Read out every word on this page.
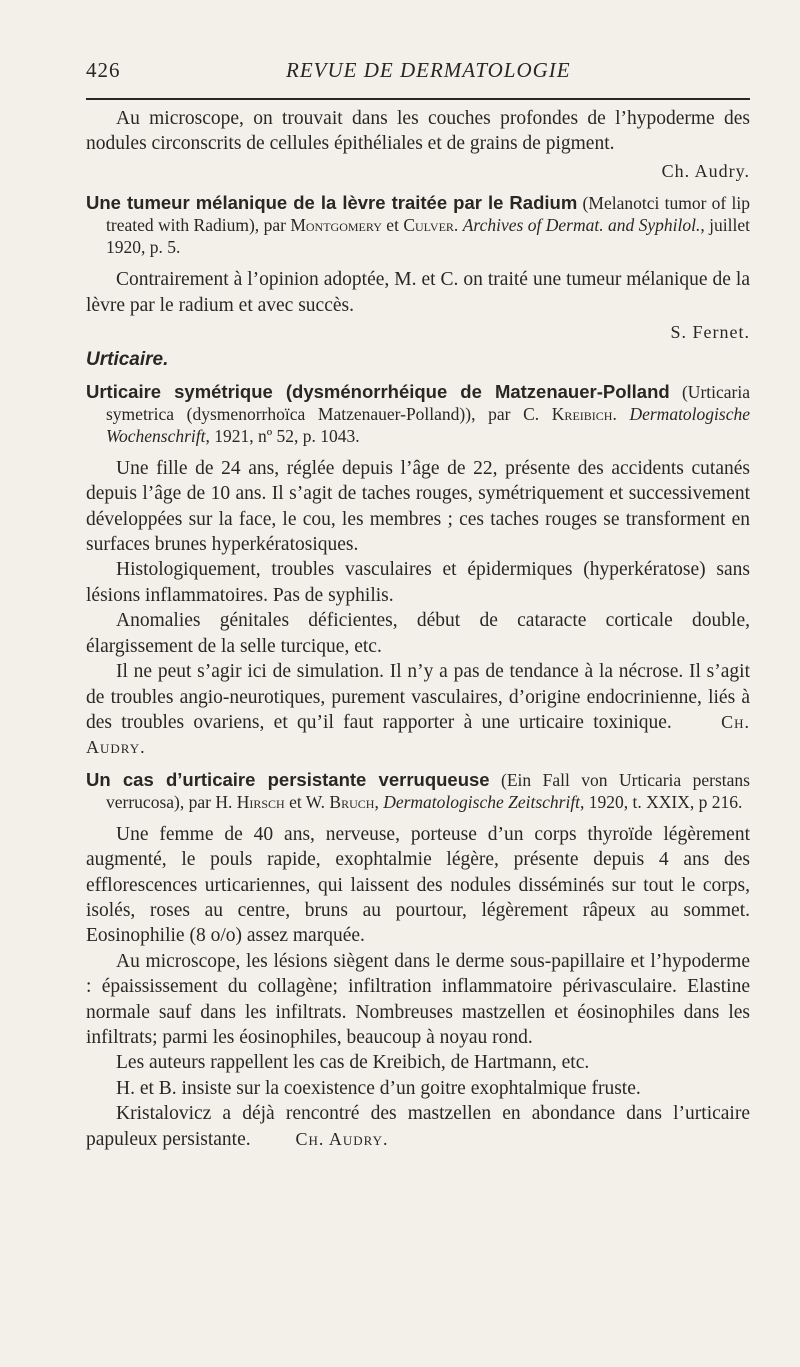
426	REVUE DE DERMATOLOGIE

Au microscope, on trouvait dans les couches profondes de l’hypoderme des nodules circonscrits de cellules épithéliales et de grains de pigment.

Ch. Audry.
Une tumeur mélanique de la lèvre traitée par le Radium (Melanotci tumor of lip treated with Radium), par Montgomery et Culver. Archives of Dermat. and Syphilol., juillet 1920, p. 5.

Contrairement à l’opinion adoptée, M. et C. on traité une tumeur mélanique de la lèvre par le radium et avec succès.

S. Fernet.
Urticaire.
Urticaire symétrique (dysménorrhéique de Matzenauer-Polland (Urticaria symetrica (dysmenorrhoïca Matzenauer-Polland)), par C. Kreibich. Dermatologische Wochenschrift, 1921, nº 52, p. 1043.

Une fille de 24 ans, réglée depuis l’âge de 22, présente des accidents cutanés depuis l’âge de 10 ans. Il s’agit de taches rouges, symétriquement et successivement développées sur la face, le cou, les membres ; ces taches rouges se transforment en surfaces brunes hyperkératosiques.

Histologiquement, troubles vasculaires et épidermiques (hyperkératose) sans lésions inflammatoires. Pas de syphilis.

Anomalies génitales déficientes, début de cataracte corticale double, élargissement de la selle turcique, etc.

Il ne peut s’agir ici de simulation. Il n’y a pas de tendance à la nécrose. Il s’agit de troubles angio-neurotiques, purement vasculaires, d’origine endocrinienne, liés à des troubles ovariens, et qu’il faut rapporter à une urticaire toxinique.	Ch. Audry.

Un cas d’urticaire persistante verruqueuse (Ein Fall von Urticaria perstans verrucosa), par H. Hirsch et W. Bruch, Dermatologische Zeitschrift, 1920, t. XXIX, p 216.

Une femme de 40 ans, nerveuse, porteuse d’un corps thyroïde légèrement augmenté, le pouls rapide, exophtalmie légère, présente depuis 4 ans des efflorescences urticariennes, qui laissent des nodules disséminés sur tout le corps, isolés, roses au centre, bruns au pourtour, légèrement râpeux au sommet. Eosinophilie (8 o/o) assez marquée.

Au microscope, les lésions siègent dans le derme sous-papillaire et l’hypoderme : épaississement du collagène; infiltration inflammatoire périvasculaire. Elastine normale sauf dans les infiltrats. Nombreuses mastzellen et éosinophiles dans les infiltrats; parmi les éosinophiles, beaucoup à noyau rond.

Les auteurs rappellent les cas de Kreibich, de Hartmann, etc.

H. et B. insiste sur la coexistence d’un goitre exophtalmique fruste.

Kristalovicz a déjà rencontré des mastzellen en abondance dans l’urticaire papuleux persistante. Ch. Audry.
